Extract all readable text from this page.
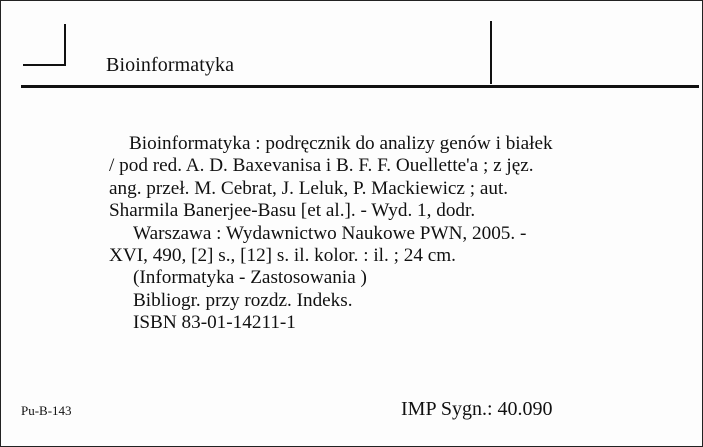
Bioinformatyka
Bioinformatyka : podręcznik do analizy genów i białek
/ pod red. A. D. Baxevanisa i B. F. F. Ouellette'a ; z jęz.
ang. przeł. M. Cebrat, J. Leluk, P. Mackiewicz ; aut.
Sharmila Banerjee-Basu [et al.]. - Wyd. 1, dodr.
Warszawa : Wydawnictwo Naukowe PWN, 2005. -
XVI, 490, [2] s., [12] s. il. kolor. : il. ; 24 cm.
(Informatyka - Zastosowania )
Bibliogr. przy rozdz. Indeks.
ISBN 83-01-14211-1
Pu-B-143	IMP Sygn.: 40.090
